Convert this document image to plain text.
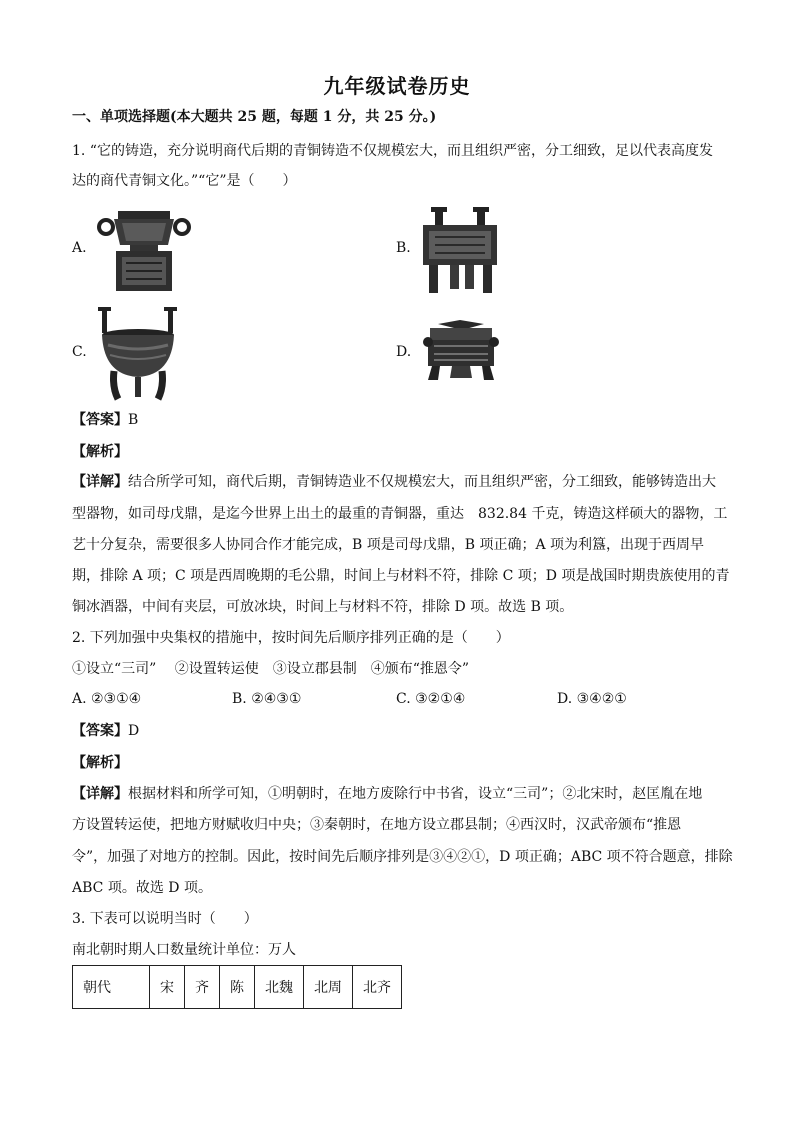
九年级试卷历史
一、单项选择题(本大题共 25 题，每题 1 分，共 25 分。)
1. “它的铸造，充分说明商代后期的青铜铸造不仅规模宏大，而且组织严密，分工细致，足以代表高度发
达的商代青铜文化。”“它”是（　　）
A.	B.
C.	D.
【答案】B
【解析】
【详解】结合所学可知，商代后期，青铜铸造业不仅规模宏大，而且组织严密，分工细致，能够铸造出大
型器物，如司母戊鼎，是迄今世界上出土的最重的青铜器，重达　832.84 千克，铸造这样硕大的器物，工
艺十分复杂，需要很多人协同合作才能完成，B 项是司母戊鼎，B 项正确；A 项为利簋，出现于西周早
期，排除 A 项；C 项是西周晚期的毛公鼎，时间上与材料不符，排除 C 项；D 项是战国时期贵族使用的青
铜冰酒器，中间有夹层，可放冰块，时间上与材料不符，排除 D 项。故选 B 项。
2. 下列加强中央集权的措施中，按时间先后顺序排列正确的是（　　）
①设立“三司”　 ②设置转运使　③设立郡县制　④颁布“推恩令”
A. ②③①④	B. ②④③①	C. ③②①④	D. ③④②①
【答案】D
【解析】
【详解】根据材料和所学可知，①明朝时，在地方废除行中书省，设立“三司”；②北宋时，赵匡胤在地
方设置转运使，把地方财赋收归中央；③秦朝时，在地方设立郡县制；④西汉时，汉武帝颁布“推恩
令”，加强了对地方的控制。因此，按时间先后顺序排列是③④②①，D 项正确；ABC 项不符合题意，排除
ABC 项。故选 D 项。
3. 下表可以说明当时（　　）
南北朝时期人口数量统计单位：万人
朝代	宋	齐	陈	北魏	北周	北齐
